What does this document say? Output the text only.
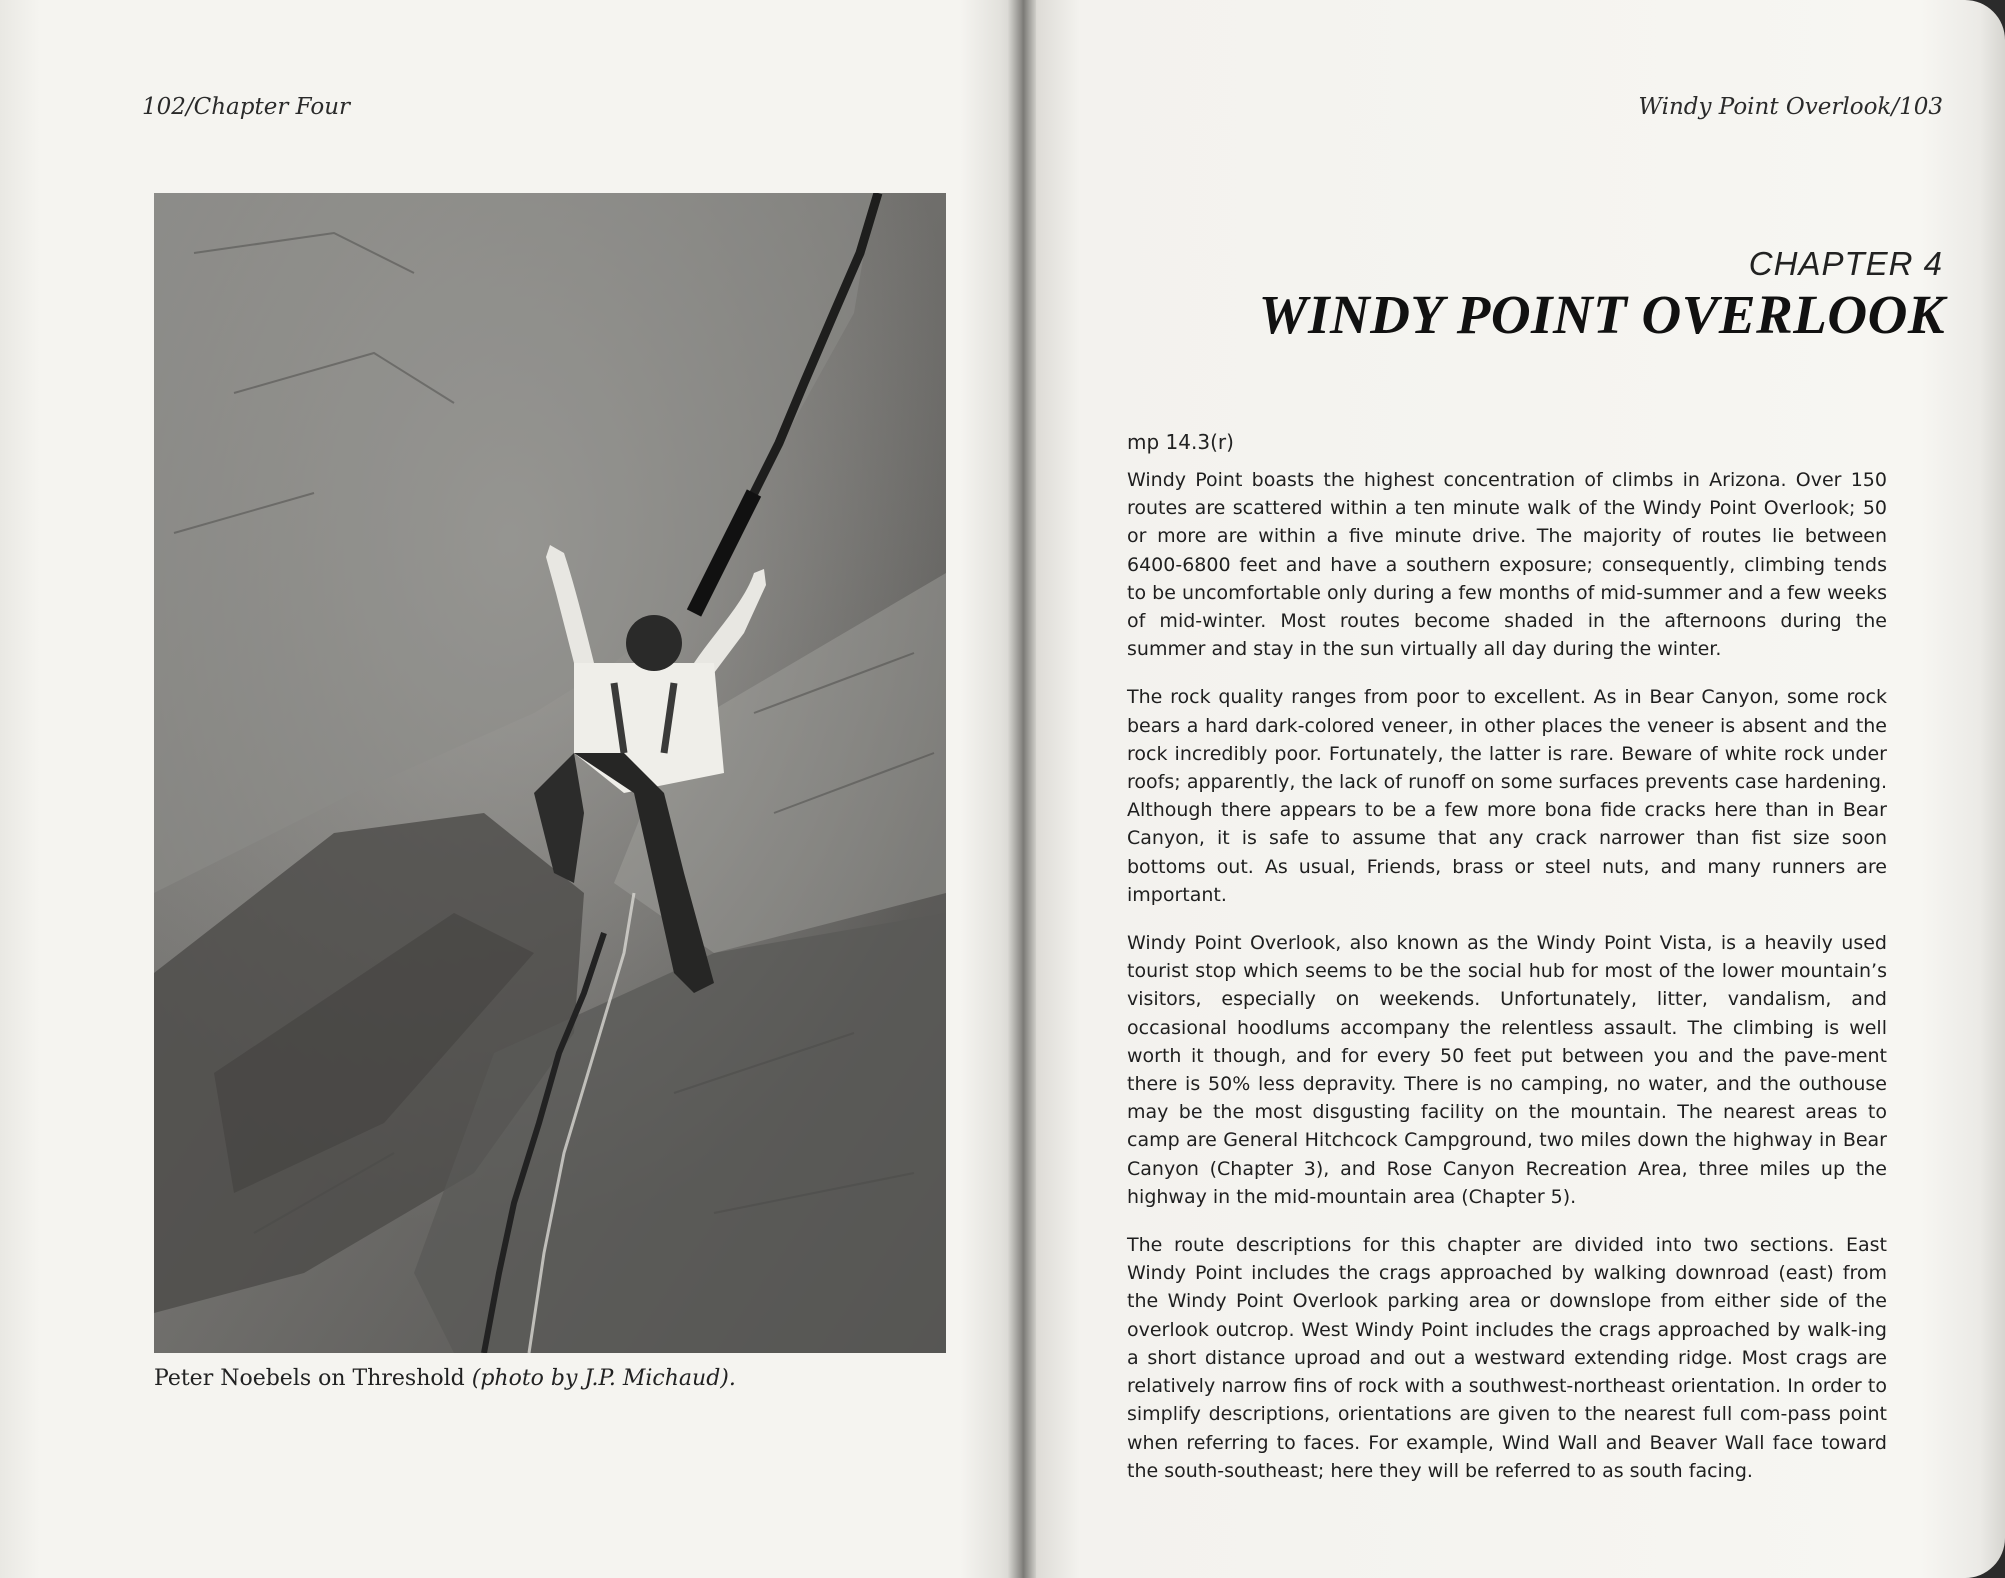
102/Chapter Four
Peter Noebels on Threshold (photo by J.P. Michaud).
Windy Point Overlook/103
CHAPTER 4
WINDY POINT OVERLOOK
mp 14.3(r)

Windy Point boasts the highest concentration of climbs in Arizona. Over 150 routes are scattered within a ten minute walk of the Windy Point Overlook; 50 or more are within a five minute drive. The majority of routes lie between 6400-6800 feet and have a southern exposure; consequently, climbing tends to be uncomfortable only during a few months of mid-summer and a few weeks of mid-winter. Most routes become shaded in the afternoons during the summer and stay in the sun virtually all day during the winter.

The rock quality ranges from poor to excellent. As in Bear Canyon, some rock bears a hard dark-colored veneer, in other places the veneer is absent and the rock incredibly poor. Fortunately, the latter is rare. Beware of white rock under roofs; apparently, the lack of runoff on some surfaces prevents case hardening. Although there appears to be a few more bona fide cracks here than in Bear Canyon, it is safe to assume that any crack narrower than fist size soon bottoms out. As usual, Friends, brass or steel nuts, and many runners are important.

Windy Point Overlook, also known as the Windy Point Vista, is a heavily used tourist stop which seems to be the social hub for most of the lower mountain’s visitors, especially on weekends. Unfortunately, litter, vandalism, and occasional hoodlums accompany the relentless assault. The climbing is well worth it though, and for every 50 feet put between you and the pave-ment there is 50% less depravity. There is no camping, no water, and the outhouse may be the most disgusting facility on the mountain. The nearest areas to camp are General Hitchcock Campground, two miles down the highway in Bear Canyon (Chapter 3), and Rose Canyon Recreation Area, three miles up the highway in the mid-mountain area (Chapter 5).

The route descriptions for this chapter are divided into two sections. East Windy Point includes the crags approached by walking downroad (east) from the Windy Point Overlook parking area or downslope from either side of the overlook outcrop. West Windy Point includes the crags approached by walk-ing a short distance uproad and out a westward extending ridge. Most crags are relatively narrow fins of rock with a southwest-northeast orientation. In order to simplify descriptions, orientations are given to the nearest full com-pass point when referring to faces. For example, Wind Wall and Beaver Wall face toward the south-southeast; here they will be referred to as south facing.
